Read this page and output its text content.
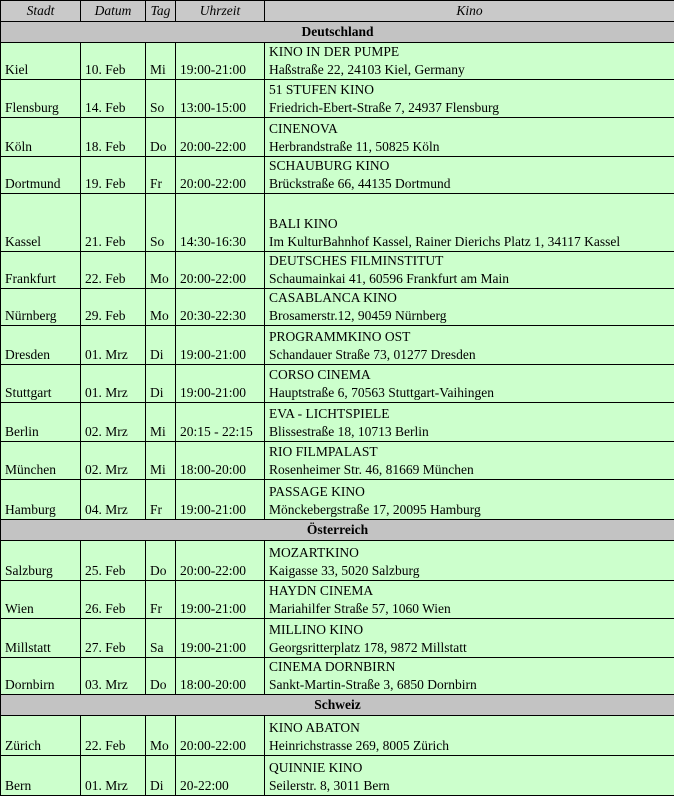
Stadt	Datum	Tag	Uhrzeit	Kino
Deutschland				
Kiel	10. Feb	Mi	19:00-21:00	KINO IN DER PUMPE
Haßstraße 22, 24103 Kiel, Germany

Flensburg	14. Feb	So	13:00-15:00	51 STUFEN KINO
Friedrich-Ebert-Straße 7, 24937 Flensburg

Köln	18. Feb	Do	20:00-22:00	CINENOVA
Herbrandstraße 11, 50825 Köln

Dortmund	19. Feb	Fr	20:00-22:00	SCHAUBURG KINO
Brückstraße 66, 44135 Dortmund

Kassel	21. Feb	So	14:30-16:30	BALI KINO
Im KulturBahnhof Kassel, Rainer Dierichs Platz 1, 34117 Kassel

Frankfurt	22. Feb	Mo	20:00-22:00	DEUTSCHES FILMINSTITUT
Schaumainkai 41, 60596 Frankfurt am Main

Nürnberg	29. Feb	Mo	20:30-22:30	CASABLANCA KINO
Brosamerstr.12, 90459 Nürnberg

Dresden	01. Mrz	Di	19:00-21:00	PROGRAMMKINO OST
Schandauer Straße 73, 01277 Dresden

Stuttgart	01. Mrz	Di	19:00-21:00	CORSO CINEMA
Hauptstraße 6, 70563 Stuttgart-Vaihingen

Berlin	02. Mrz	Mi	20:15 - 22:15	EVA - LICHTSPIELE
Blissestraße 18, 10713 Berlin

München	02. Mrz	Mi	18:00-20:00	RIO FILMPALAST
Rosenheimer Str. 46, 81669 München

Hamburg	04. Mrz	Fr	19:00-21:00	PASSAGE KINO
Mönckebergstraße 17, 20095 Hamburg

Österreich				
Salzburg	25. Feb	Do	20:00-22:00	MOZARTKINO
Kaigasse 33, 5020 Salzburg

Wien	26. Feb	Fr	19:00-21:00	HAYDN CINEMA
Mariahilfer Straße 57, 1060 Wien

Millstatt	27. Feb	Sa	19:00-21:00	MILLINO KINO
Georgsritterplatz 178, 9872 Millstatt

Dornbirn	03. Mrz	Do	18:00-20:00	CINEMA DORNBIRN
Sankt-Martin-Straße 3, 6850 Dornbirn

Schweiz				
Zürich	22. Feb	Mo	20:00-22:00	KINO ABATON
Heinrichstrasse 269, 8005 Zürich

Bern	01. Mrz	Di	20-22:00	QUINNIE KINO
Seilerstr. 8, 3011 Bern
